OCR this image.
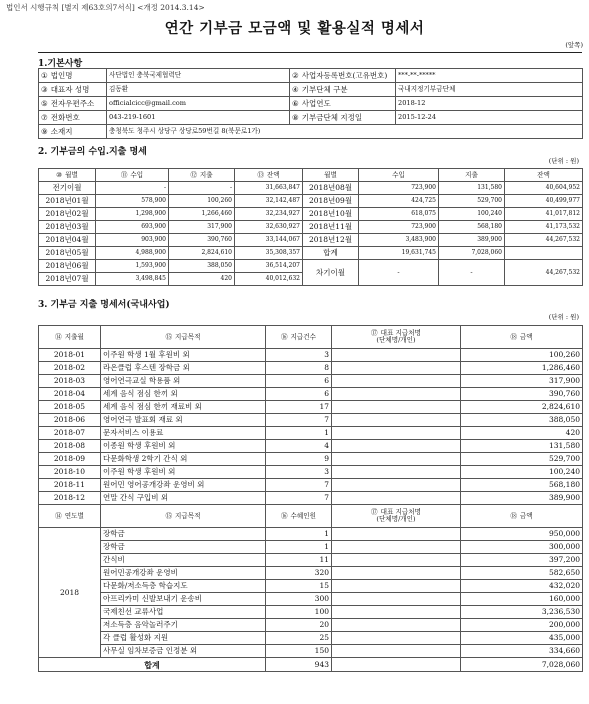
법인서 시행규칙 [별지 제63호의7서식] <개정 2014.3.14>
연간 기부금 모금액 및 활용실적 명세서
(앞쪽)
1.기본사항
① 법인명	사단법인 충북국제협력단	② 사업자등록번호(고유번호)	***-**-*****
③ 대표자 성명	김동환	④ 기부단체 구분	국내지정기부금단체
⑤ 전자우편주소	officialcicc@gmail.com	⑥ 사업연도	2018-12
⑦ 전화번호	043-219-1601	⑧ 기부금단체 지정일	2015-12-24
⑨ 소재지	충청북도 청주시 상당구 상당로59번길 8(북문로1가)		
2. 기부금의 수입.지출 명세
(단위 : 원)
⑩ 월별	⑪ 수입	⑫ 지출	⑬ 잔액	월별	수입	지출	잔액
전기이월	-	-	31,663,847	2018년08월	723,900	131,580	40,604,952
2018년01월	578,900	100,260	32,142,487	2018년09월	424,725	529,700	40,499,977
2018년02월	1,298,900	1,266,460	32,234,927	2018년10월	618,075	100,240	41,017,812
2018년03월	693,900	317,900	32,630,927	2018년11월	723,900	568,180	41,173,532
2018년04월	903,900	390,760	33,144,067	2018년12월	3,483,900	389,900	44,267,532
2018년05월	4,988,900	2,824,610	35,308,357	합계	19,631,745	7,028,060	
2018년06월	1,593,900	388,050	36,514,207	차기이월	-	-	44,267,532
2018년07월	3,498,845	420	40,012,632				
3. 기부금 지출 명세서(국내사업)
(단위 : 원)
⑭ 지출월	⑮ 지급목적	⑯ 지급건수	⑰ 대표 지급처명
(단체명/개인)	⑱ 금액
2018-01	이주원 학생 1월 후원비 외	3		100,260
2018-02	라온클럽 후스텐 장학금 외	8		1,286,460
2018-03	영어연극교실 학용품 외	6		317,900
2018-04	세계 음식 점심 한끼 외	6		390,760
2018-05	세계 음식 점심 한끼 재료비 외	17		2,824,610
2018-06	영어연극 발표회 재료 외	7		388,050
2018-07	문자서비스 이용료	1		420
2018-08	이종원 학생 후원비 외	4		131,580
2018-09	다문화학생 2학기 간식 외	9		529,700
2018-10	이주원 학생 후원비 외	3		100,240
2018-11	원어민 영어공개강좌 운영비 외	7		568,180
2018-12	연말 간식 구입비 외	7		389,900
⑭ 연도별	⑮ 지급목적	⑯ 수혜인원	⑰ 대표 지급처명
(단체명/개인)	⑱ 금액
2018	장학금	1		950,000
	장학금	1		300,000
	간식비	11		397,200
	원어민공개강좌 운영비	320		582,650
	다문화/저소득층 학습지도	15		432,020
	아프리카미 신발보내기 운송비	300		160,000
	국제친선 교류사업	100		3,236,530
	저소득층 음악놀러주기	20		200,000
	각 클럽 활성화 지원	25		435,000
	사무실 임차보증금 인정분 외	150		334,660
합계		943		7,028,060
